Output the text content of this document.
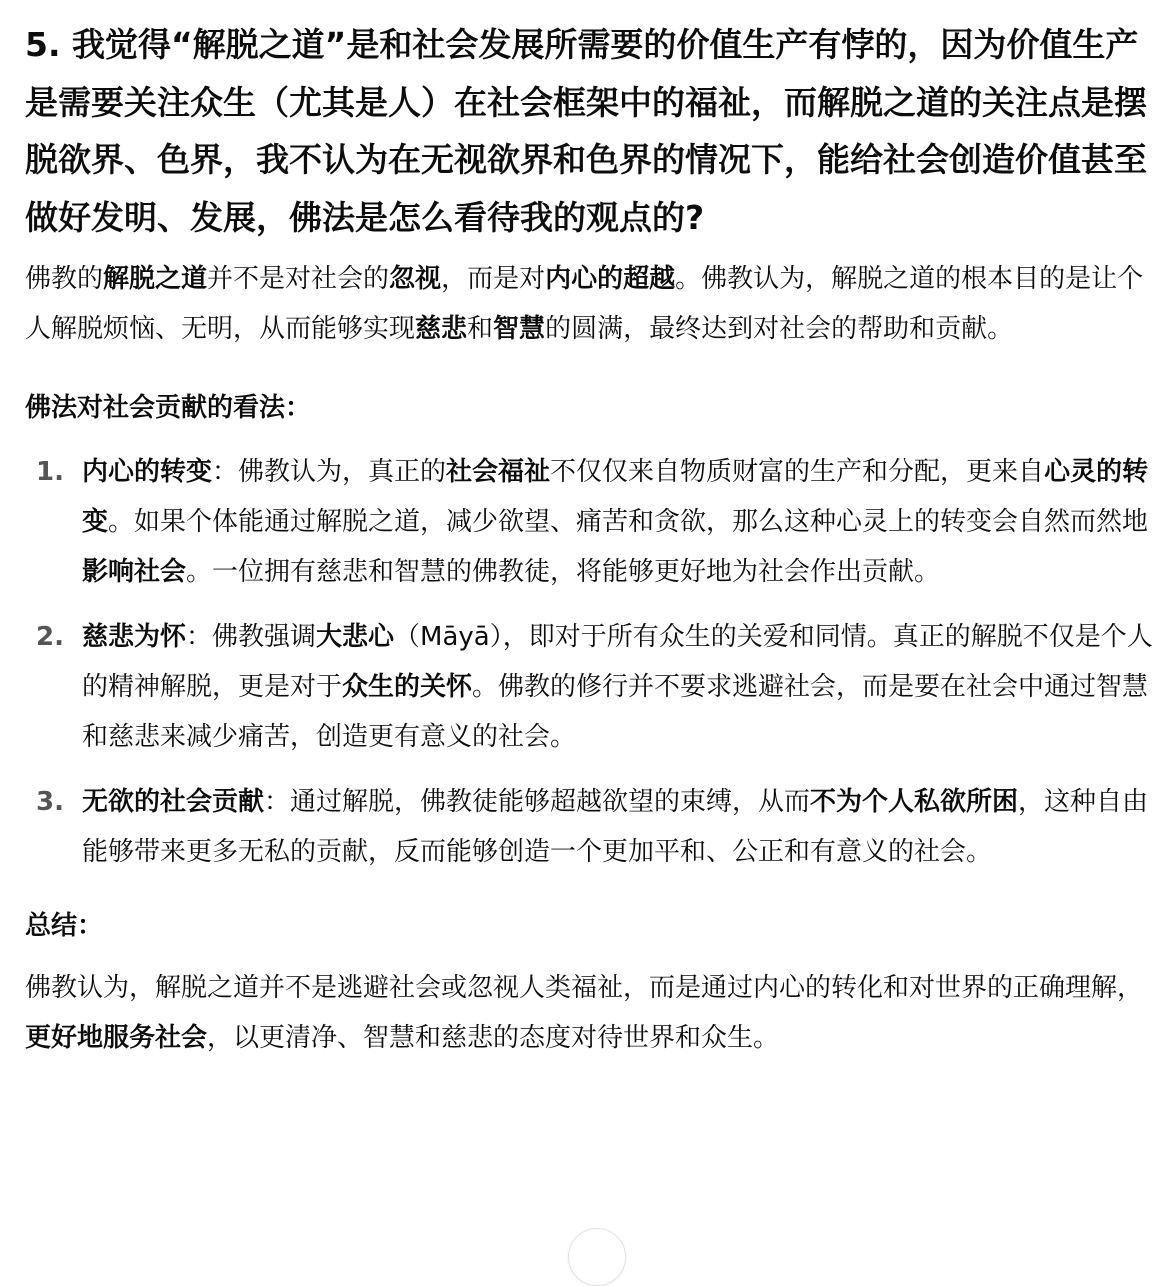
5. 我觉得“解脱之道”是和社会发展所需要的价值生产有悖的，因为价值生产是需要关注众生（尤其是人）在社会框架中的福祉，而解脱之道的关注点是摆脱欲界、色界，我不认为在无视欲界和色界的情况下，能给社会创造价值甚至做好发明、发展，佛法是怎么看待我的观点的?

佛教的解脱之道并不是对社会的忽视，而是对内心的超越。佛教认为，解脱之道的根本目的是让个人解脱烦恼、无明，从而能够实现慈悲和智慧的圆满，最终达到对社会的帮助和贡献。

佛法对社会贡献的看法：

1. 内心的转变：佛教认为，真正的社会福祉不仅仅来自物质财富的生产和分配，更来自心灵的转变。如果个体能通过解脱之道，减少欲望、痛苦和贪欲，那么这种心灵上的转变会自然而然地影响社会。一位拥有慈悲和智慧的佛教徒，将能够更好地为社会作出贡献。
2. 慈悲为怀：佛教强调大悲心（Māyā），即对于所有众生的关爱和同情。真正的解脱不仅是个人的精神解脱，更是对于众生的关怀。佛教的修行并不要求逃避社会，而是要在社会中通过智慧和慈悲来减少痛苦，创造更有意义的社会。
3. 无欲的社会贡献：通过解脱，佛教徒能够超越欲望的束缚，从而不为个人私欲所困，这种自由能够带来更多无私的贡献，反而能够创造一个更加平和、公正和有意义的社会。

总结：

佛教认为，解脱之道并不是逃避社会或忽视人类福祉，而是通过内心的转化和对世界的正确理解，更好地服务社会，以更清净、智慧和慈悲的态度对待世界和众生。
